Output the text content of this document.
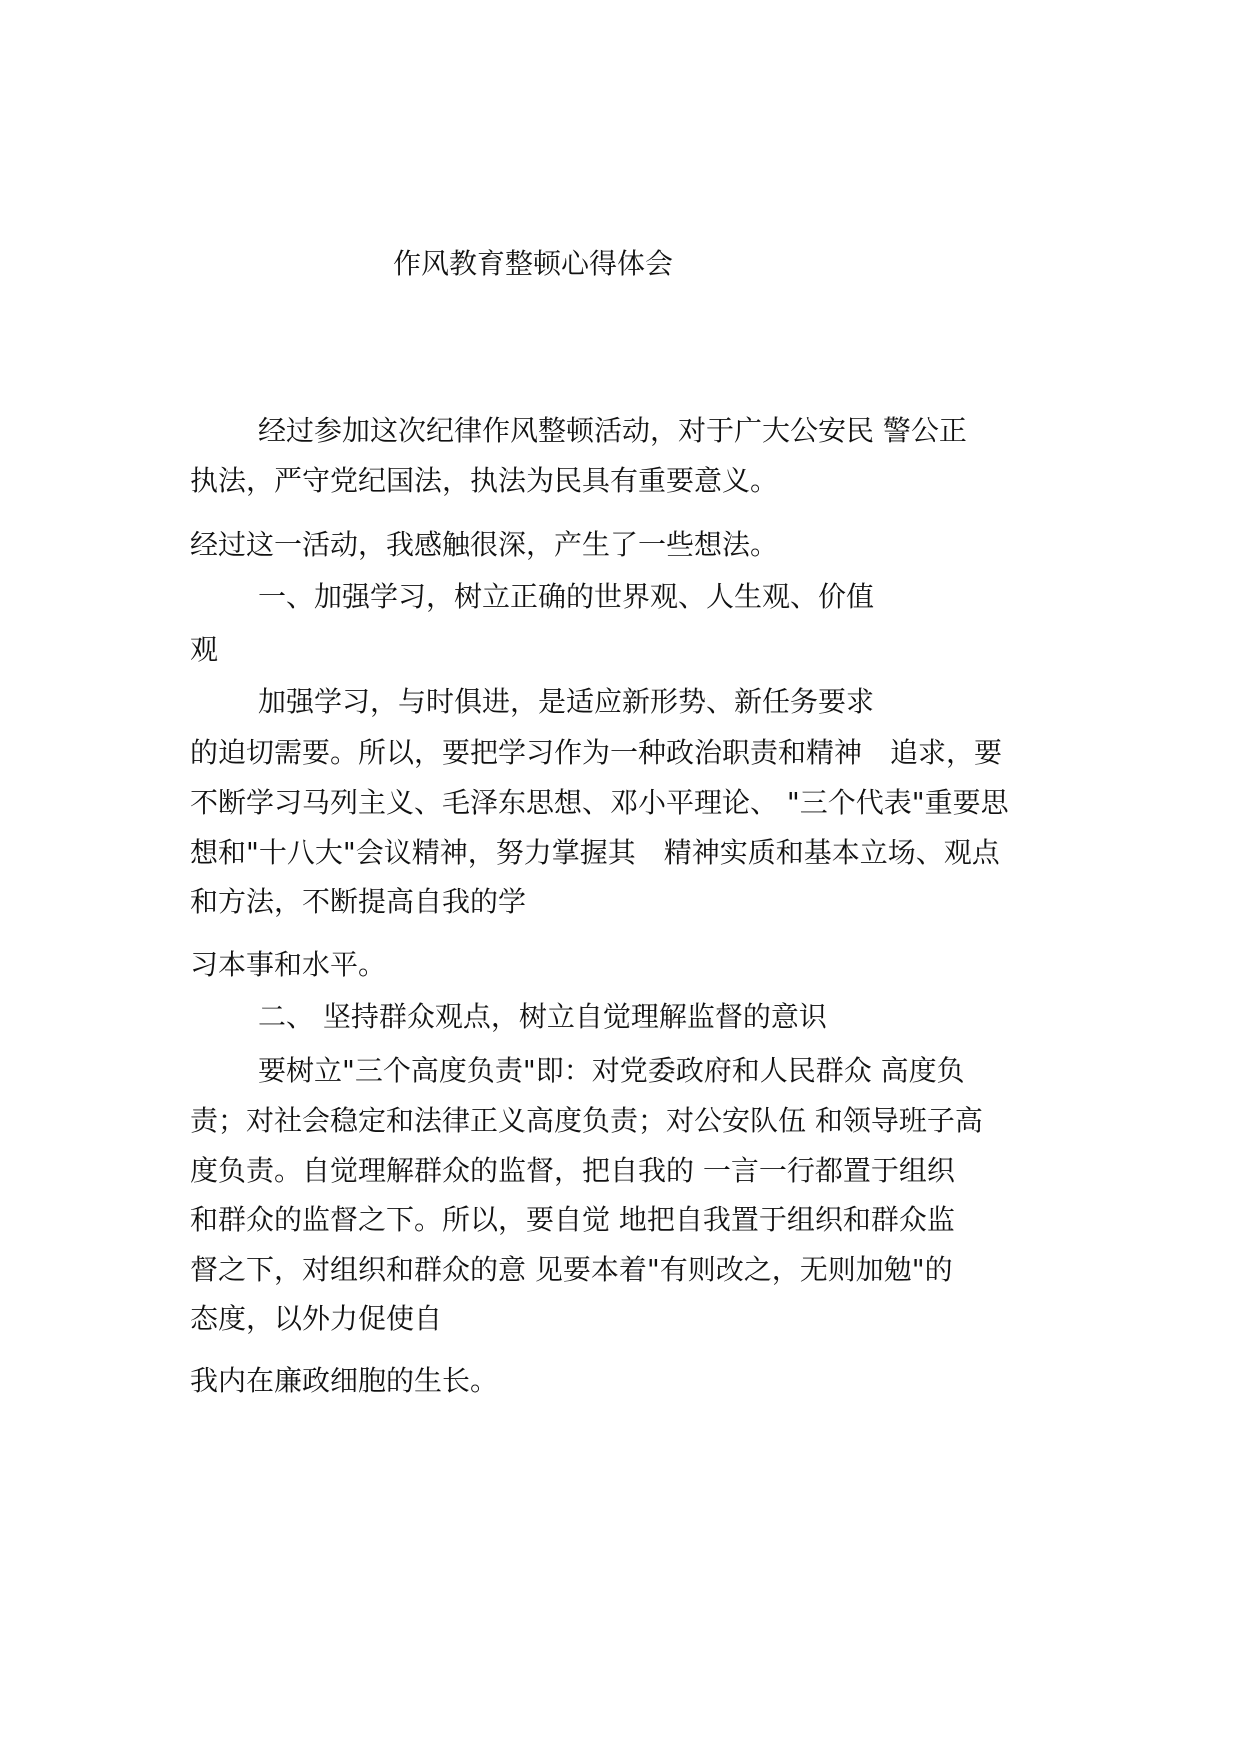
作风教育整顿心得体会
经过参加这次纪律作风整顿活动，对于广大公安民 警公正
执法，严守党纪国法，执法为民具有重要意义。
经过这一活动，我感触很深，产生了一些想法。
一、加强学习，树立正确的世界观、人生观、价值
观
加强学习，与时俱进，是适应新形势、新任务要求
的迫切需要。所以，要把学习作为一种政治职责和精神　追求，要
不断学习马列主义、毛泽东思想、邓小平理论、 "三个代表"重要思
想和"十八大"会议精神，努力掌握其　精神实质和基本立场、观点
和方法，不断提高自我的学
习本事和水平。
二、 坚持群众观点，树立自觉理解监督的意识
要树立"三个高度负责"即：对党委政府和人民群众 高度负
责；对社会稳定和法律正义高度负责；对公安队伍 和领导班子高
度负责。自觉理解群众的监督，把自我的 一言一行都置于组织
和群众的监督之下。所以，要自觉 地把自我置于组织和群众监
督之下，对组织和群众的意 见要本着"有则改之，无则加勉"的
态度，以外力促使自
我内在廉政细胞的生长。
